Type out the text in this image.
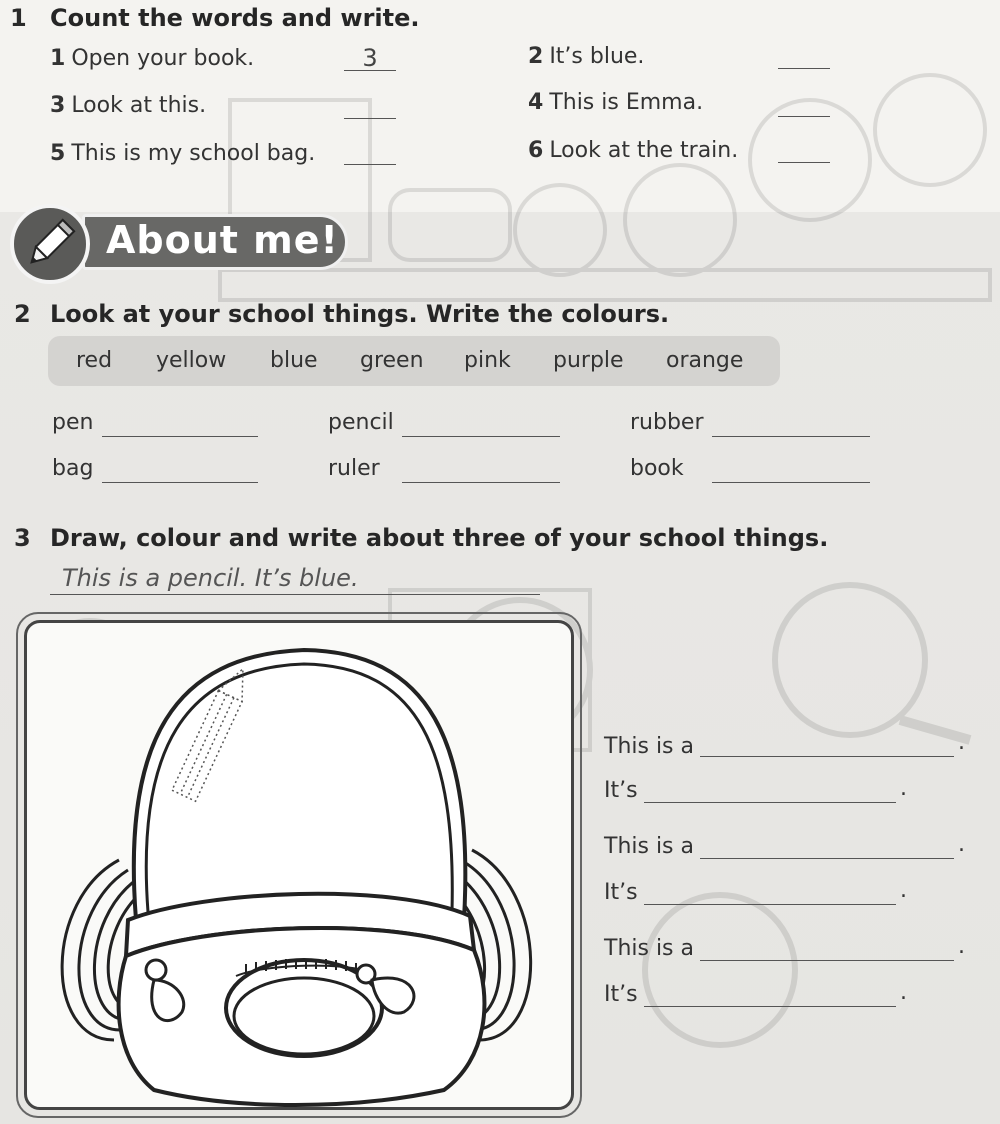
1 Count the words and write.
1 Open your book.	3	2 It’s blue.
3 Look at this.	4 This is Emma.
5 This is my school bag.	6 Look at the train.
About me!
2 Look at your school things. Write the colours.
red yellow blue green pink purple orange
pen	pencil	rubber
bag	ruler	book
3 Draw, colour and write about three of your school things.
This is a pencil. It’s blue.
This is a	.
It’s	.
This is a	.
It’s	.
This is a	.
It’s	.
